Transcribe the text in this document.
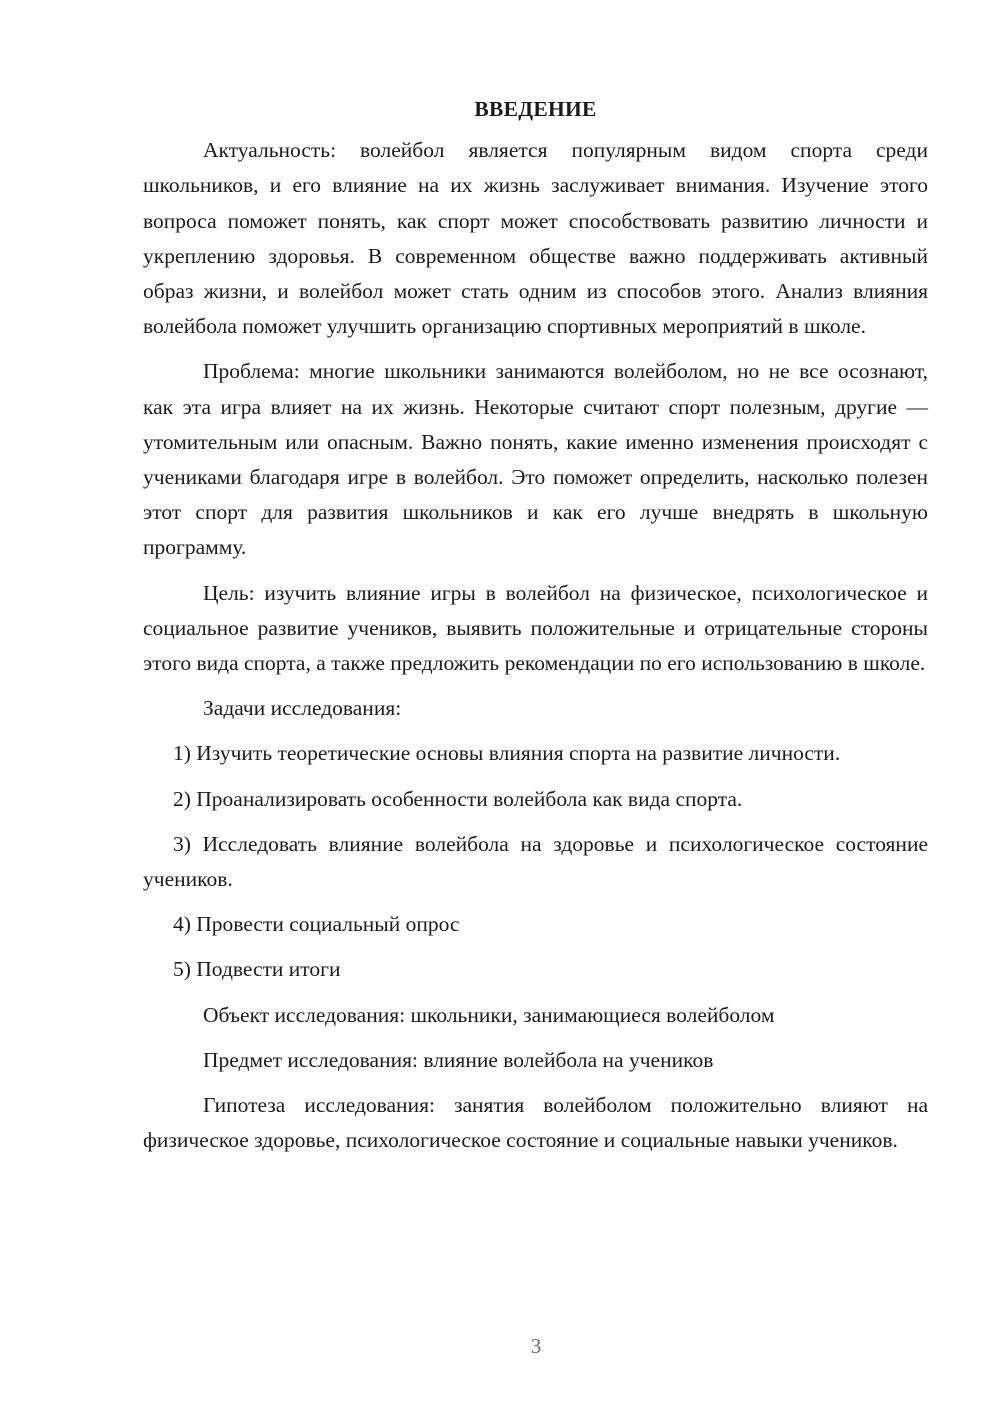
ВВЕДЕНИЕ

Актуальность: волейбол является популярным видом спорта среди школьников, и его влияние на их жизнь заслуживает внимания. Изучение этого вопроса поможет понять, как спорт может способствовать развитию личности и укреплению здоровья. В современном обществе важно поддерживать активный образ жизни, и волейбол может стать одним из способов этого. Анализ влияния волейбола поможет улучшить организацию спортивных мероприятий в школе.

Проблема: многие школьники занимаются волейболом, но не все осознают, как эта игра влияет на их жизнь. Некоторые считают спорт полезным, другие — утомительным или опасным. Важно понять, какие именно изменения происходят с учениками благодаря игре в волейбол. Это поможет определить, насколько полезен этот спорт для развития школьников и как его лучше внедрять в школьную программу.

Цель: изучить влияние игры в волейбол на физическое, психологическое и социальное развитие учеников, выявить положительные и отрицательные стороны этого вида спорта, а также предложить рекомендации по его использованию в школе.

Задачи исследования:

1) Изучить теоретические основы влияния спорта на развитие личности.

2) Проанализировать особенности волейбола как вида спорта.

3) Исследовать влияние волейбола на здоровье и психологическое состояние учеников.

4) Провести социальный опрос

5) Подвести итоги

Объект исследования: школьники, занимающиеся волейболом

Предмет исследования: влияние волейбола на учеников

Гипотеза исследования: занятия волейболом положительно влияют на физическое здоровье, психологическое состояние и социальные навыки учеников.

3
